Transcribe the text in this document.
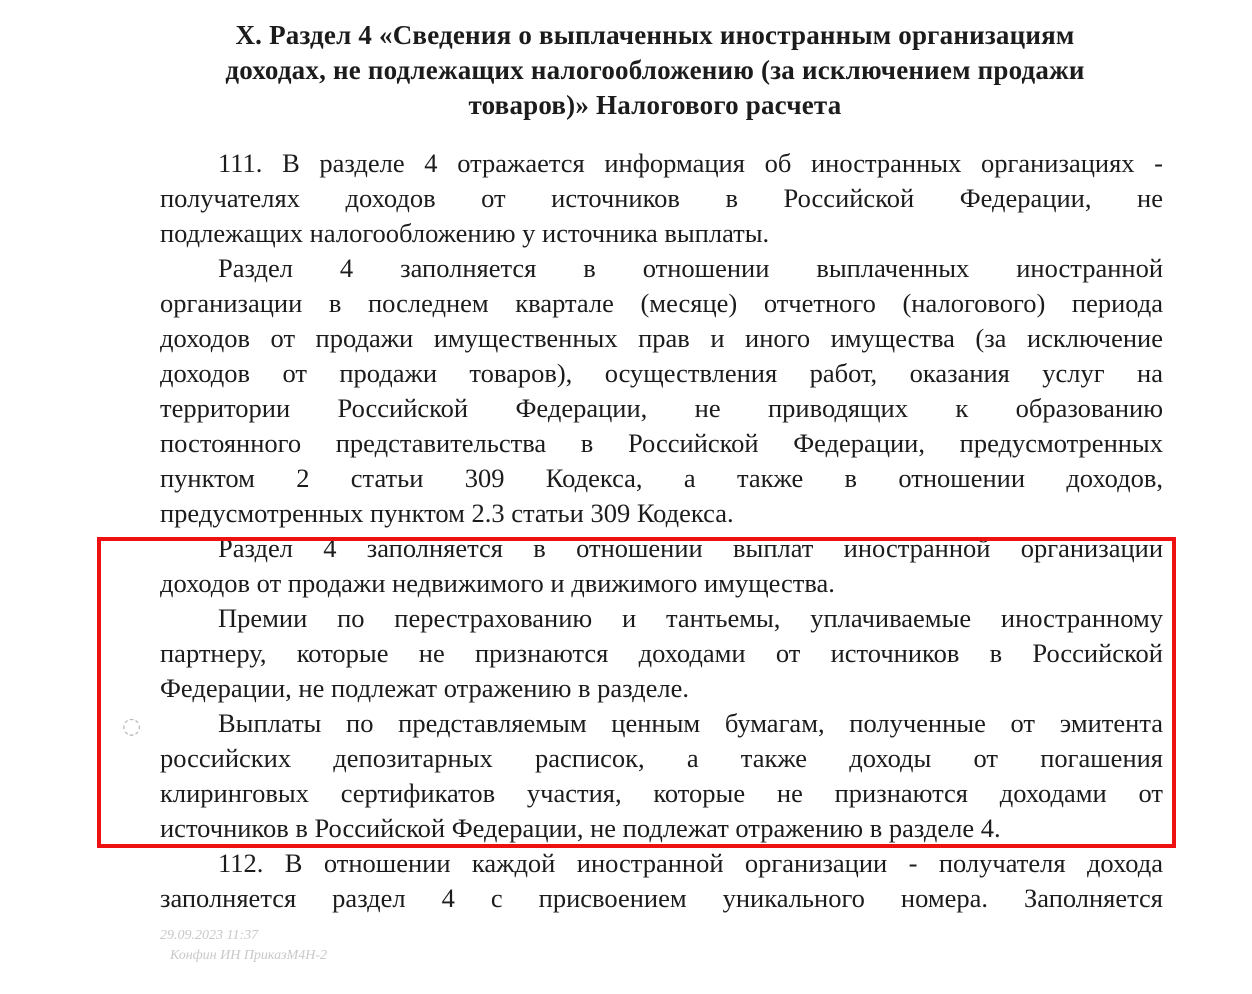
X. Раздел 4 «Сведения о выплаченных иностранным организациям
доходах, не подлежащих налогообложению (за исключением продажи
товаров)» Налогового расчета
111. В разделе 4 отражается информация об иностранных организациях -
получателях доходов от источников в Российской Федерации, не
подлежащих налогообложению у источника выплаты.
Раздел 4 заполняется в отношении выплаченных иностранной
организации в последнем квартале (месяце) отчетного (налогового) периода
доходов от продажи имущественных прав и иного имущества (за исключение
доходов от продажи товаров), осуществления работ, оказания услуг на
территории Российской Федерации, не приводящих к образованию
постоянного представительства в Российской Федерации, предусмотренных
пунктом 2 статьи 309 Кодекса, а также в отношении доходов,
предусмотренных пунктом 2.3 статьи 309 Кодекса.
Раздел 4 заполняется в отношении выплат иностранной организации
доходов от продажи недвижимого и движимого имущества.
Премии по перестрахованию и тантьемы, уплачиваемые иностранному
партнеру, которые не признаются доходами от источников в Российской
Федерации, не подлежат отражению в разделе.
Выплаты по представляемым ценным бумагам, полученные от эмитента
российских депозитарных расписок, а также доходы от погашения
клиринговых сертификатов участия, которые не признаются доходами от
источников в Российской Федерации, не подлежат отражению в разделе 4.
112. В отношении каждой иностранной организации - получателя дохода
заполняется раздел 4 с присвоением уникального номера. Заполняется
◌
29.09.2023 11:37
Конфин ИН ПриказМ4Н-2
